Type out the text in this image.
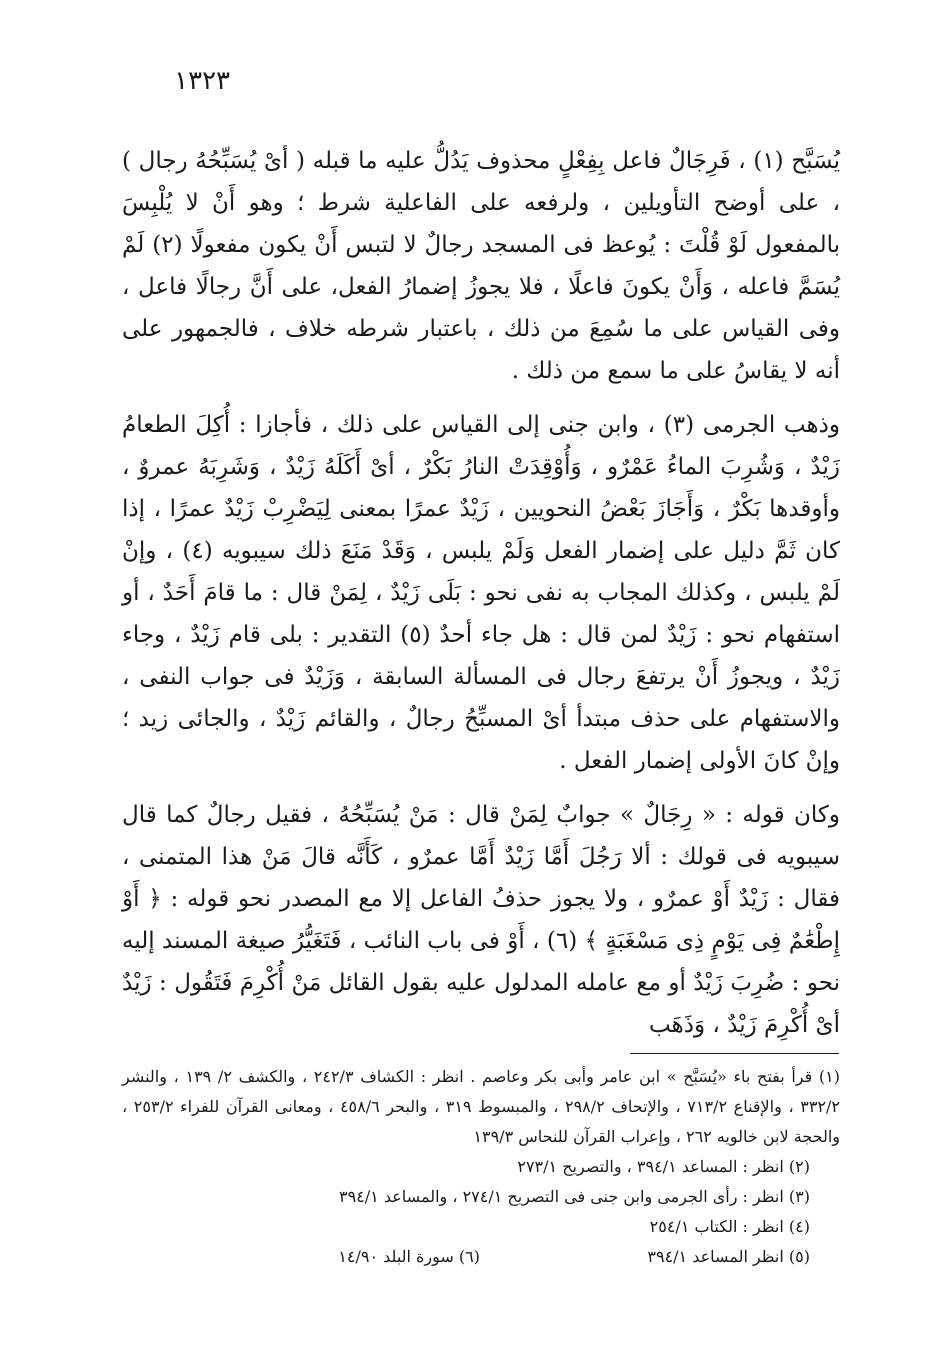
١٣٢٣

يُسَبَّح (١) ، فَرِجَالٌ فاعل بِفِعْلٍ محذوف يَدُلُّ عليه ما قبله ( أىْ يُسَبِّحُهُ رجال ) ، على أوضح التأويلين ، ولرفعه على الفاعلية شرط ؛ وهو أَنْ لا يُلْبِسَ بالمفعول لَوْ قُلْتَ : يُوعظ فى المسجد رجالٌ لا لتبس أَنْ يكون مفعولًا (٢) لَمْ يُسَمَّ فاعله ، وَأَنْ يكونَ فاعلًا ، فلا يجوزُ إضمارُ الفعل، على أَنَّ رجالًا فاعل ، وفى القياس على ما سُمِعَ من ذلك ، باعتبار شرطه خلاف ، فالجمهور على أنه لا يقاسُ على ما سمع من ذلك .

وذهب الجرمى (٣) ، وابن جنى إلى القياس على ذلك ، فأجازا : أُكِلَ الطعامُ زَيْدٌ ، وَشُرِبَ الماءُ عَمْرٌو ، وَأُوْقِدَتْ النارُ بَكْرٌ ، أىْ أَكَلَهُ زَيْدٌ ، وَشَرِبَهُ عمروٌ ، وأوقدها بَكْرٌ ، وَأَجَازَ بَعْضُ النحويين ، زَيْدٌ عمرًا بمعنى لِيَضْرِبْ زَيْدٌ عمرًا ، إذا كان ثَمَّ دليل على إضمار الفعل وَلَمْ يلبس ، وَقَدْ مَنَعَ ذلك سيبويه (٤) ، وإنْ لَمْ يلبس ، وكذلك المجاب به نفى نحو : بَلَى زَيْدٌ ، لِمَنْ قال : ما قامَ أَحَدٌ ، أو استفهام نحو : زَيْدٌ لمن قال : هل جاء أحدٌ (٥) التقدير : بلى قام زَيْدٌ ، وجاء زَيْدٌ ، ويجوزُ أَنْ يرتفعَ رجال فى المسألة السابقة ، وَزَيْدٌ فى جواب النفى ، والاستفهام على حذف مبتدأ أىْ المسبِّحُ رجالٌ ، والقائم زَيْدٌ ، والجائى زيد ؛ وإنْ كانَ الأولى إضمار الفعل .

وكان قوله : « رِجَالٌ » جوابٌ لِمَنْ قال : مَنْ يُسَبِّحُهُ ، فقيل رجالٌ كما قال سيبويه فى قولك : ألا رَجُلَ أَمَّا زَيْدٌ أَمَّا عمرٌو ، كَأَنَّه قالَ مَنْ هذا المتمنى ، فقال : زَيْدٌ أَوْ عمرٌو ، ولا يجوز حذفُ الفاعل إلا مع المصدر نحو قوله : ﴿ أَوْ إِطْعَٰمٌ فِى يَوْمٍ ذِى مَسْغَبَةٍ ﴾ (٦) ، أَوْ فى باب النائب ، فَتَغَيُّرُ صيغة المسند إليه نحو : ضُرِبَ زَيْدٌ أو مع عامله المدلول عليه بقول القائل مَنْ أُكْرِمَ فَتَقُول : زَيْدٌ أىْ أُكْرِمَ زَيْدٌ ، وَذَهَب

(١) قرأ بفتح باء «يُسَبَّح » ابن عامر وأبى بكر وعاصم . انظر : الكشاف ٢٤٢/٣ ، والكشف ٢/ ١٣٩ ، والنشر ٣٣٢/٢ ، والإقناع ٧١٣/٢ ، والإتحاف ٢٩٨/٢ ، والمبسوط ٣١٩ ، والبحر ٤٥٨/٦ ، ومعانى القرآن للفراء ٢٥٣/٢ ، والحجة لابن خالويه ٢٦٢ ، وإعراب القرآن للنحاس ١٣٩/٣

(٢) انظر : المساعد ٣٩٤/١ ، والتصريح ٢٧٣/١

(٣) انظر : رأى الجرمى وابن جنى فى التصريح ٢٧٤/١ ، والمساعد ٣٩٤/١

(٤) انظر : الكتاب ٢٥٤/١

(٥) انظر المساعد ٣٩٤/١

(٦) سورة البلد ١٤/٩٠
